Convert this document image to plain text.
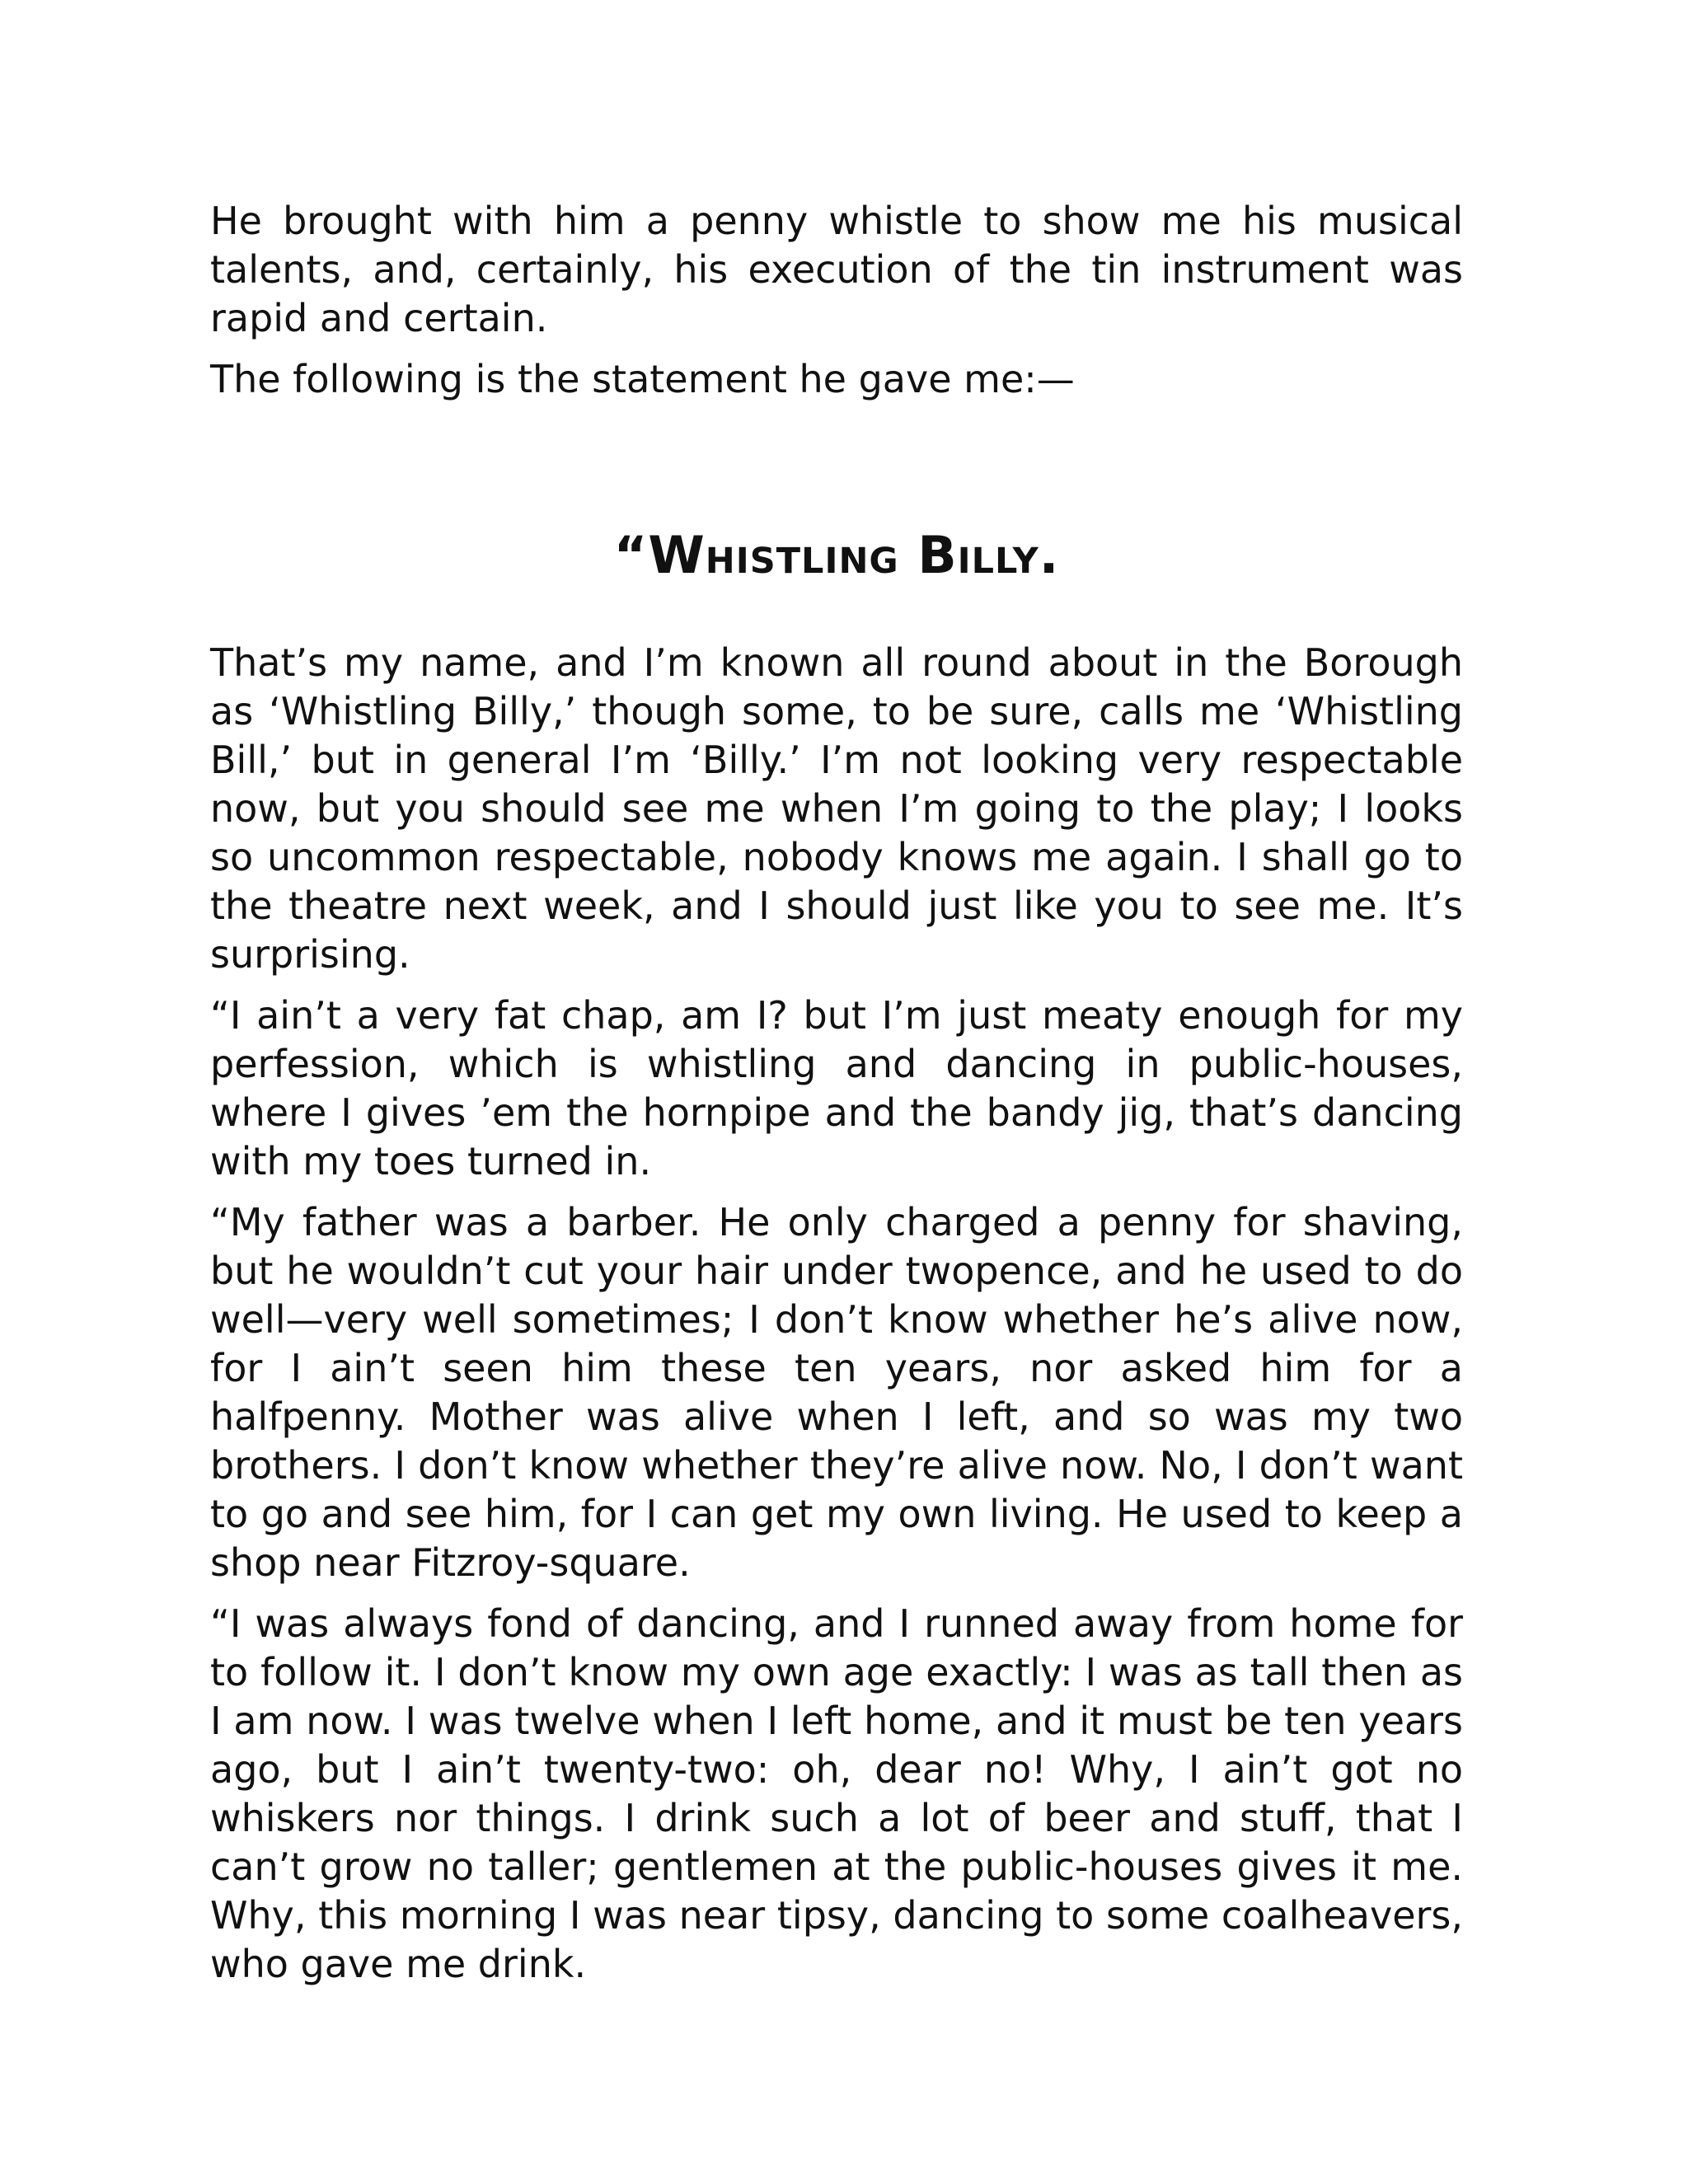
He brought with him a penny whistle to show me his musical talents, and, certainly, his execution of the tin instrument was rapid and certain.

The following is the statement he gave me:—

“Whistling Billy.

That’s my name, and I’m known all round about in the Borough as ‘Whistling Billy,’ though some, to be sure, calls me ‘Whistling Bill,’ but in general I’m ‘Billy.’ I’m not looking very respectable now, but you should see me when I’m going to the play; I looks so uncommon respectable, nobody knows me again. I shall go to the theatre next week, and I should just like you to see me. It’s surprising.

“I ain’t a very fat chap, am I? but I’m just meaty enough for my perfession, which is whistling and dancing in public-houses, where I gives ’em the hornpipe and the bandy jig, that’s dancing with my toes turned in.

“My father was a barber. He only charged a penny for shaving, but he wouldn’t cut your hair under twopence, and he used to do well—very well sometimes; I don’t know whether he’s alive now, for I ain’t seen him these ten years, nor asked him for a halfpenny. Mother was alive when I left, and so was my two brothers. I don’t know whether they’re alive now. No, I don’t want to go and see him, for I can get my own living. He used to keep a shop near Fitzroy-square.

“I was always fond of dancing, and I runned away from home for to follow it. I don’t know my own age exactly: I was as tall then as I am now. I was twelve when I left home, and it must be ten years ago, but I ain’t twenty-two: oh, dear no! Why, I ain’t got no whiskers nor things. I drink such a lot of beer and stuff, that I can’t grow no taller; gentlemen at the public-houses gives it me. Why, this morning I was near tipsy, dancing to some coalheavers, who gave me drink.
